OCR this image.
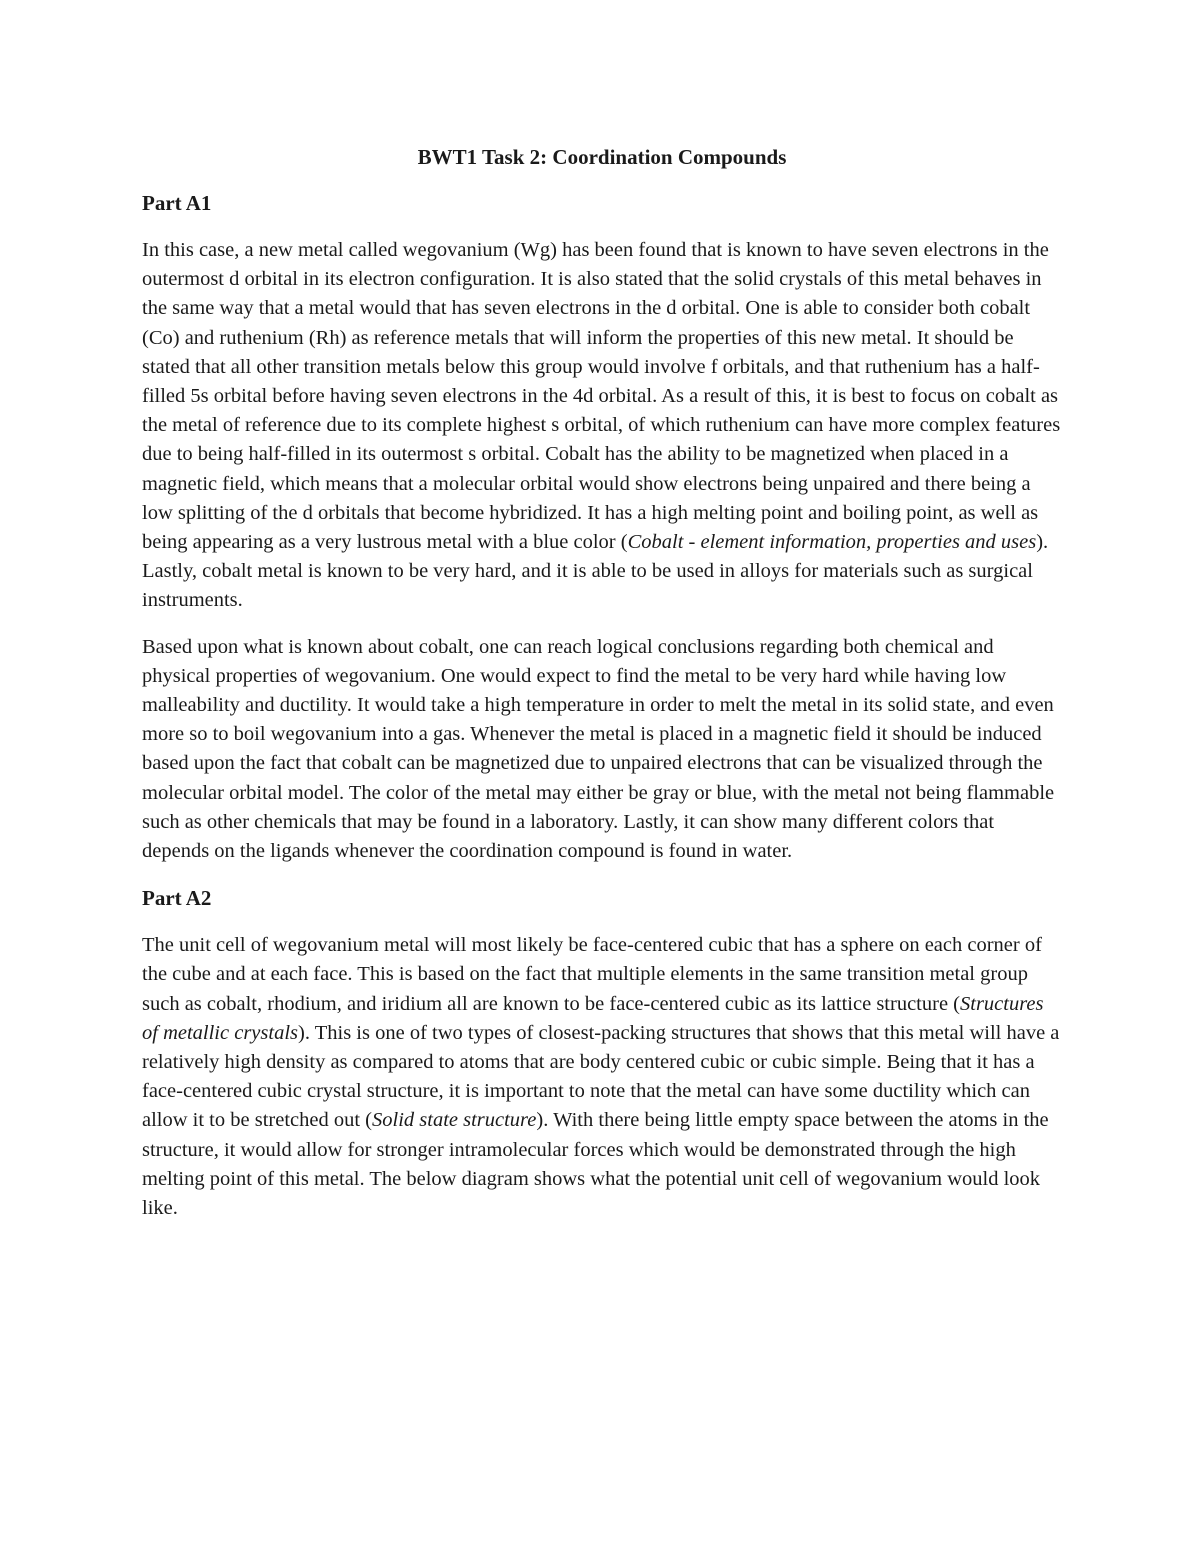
BWT1 Task 2: Coordination Compounds
Part A1

In this case, a new metal called wegovanium (Wg) has been found that is known to have seven electrons in the outermost d orbital in its electron configuration. It is also stated that the solid crystals of this metal behaves in the same way that a metal would that has seven electrons in the d orbital. One is able to consider both cobalt (Co) and ruthenium (Rh) as reference metals that will inform the properties of this new metal. It should be stated that all other transition metals below this group would involve f orbitals, and that ruthenium has a half-filled 5s orbital before having seven electrons in the 4d orbital. As a result of this, it is best to focus on cobalt as the metal of reference due to its complete highest s orbital, of which ruthenium can have more complex features due to being half-filled in its outermost s orbital. Cobalt has the ability to be magnetized when placed in a magnetic field, which means that a molecular orbital would show electrons being unpaired and there being a low splitting of the d orbitals that become hybridized. It has a high melting point and boiling point, as well as being appearing as a very lustrous metal with a blue color (Cobalt - element information, properties and uses). Lastly, cobalt metal is known to be very hard, and it is able to be used in alloys for materials such as surgical instruments.

Based upon what is known about cobalt, one can reach logical conclusions regarding both chemical and physical properties of wegovanium. One would expect to find the metal to be very hard while having low malleability and ductility. It would take a high temperature in order to melt the metal in its solid state, and even more so to boil wegovanium into a gas. Whenever the metal is placed in a magnetic field it should be induced based upon the fact that cobalt can be magnetized due to unpaired electrons that can be visualized through the molecular orbital model. The color of the metal may either be gray or blue, with the metal not being flammable such as other chemicals that may be found in a laboratory. Lastly, it can show many different colors that depends on the ligands whenever the coordination compound is found in water.

Part A2

The unit cell of wegovanium metal will most likely be face-centered cubic that has a sphere on each corner of the cube and at each face. This is based on the fact that multiple elements in the same transition metal group such as cobalt, rhodium, and iridium all are known to be face-centered cubic as its lattice structure (Structures of metallic crystals). This is one of two types of closest-packing structures that shows that this metal will have a relatively high density as compared to atoms that are body centered cubic or cubic simple. Being that it has a face-centered cubic crystal structure, it is important to note that the metal can have some ductility which can allow it to be stretched out (Solid state structure). With there being little empty space between the atoms in the structure, it would allow for stronger intramolecular forces which would be demonstrated through the high melting point of this metal. The below diagram shows what the potential unit cell of wegovanium would look like.
